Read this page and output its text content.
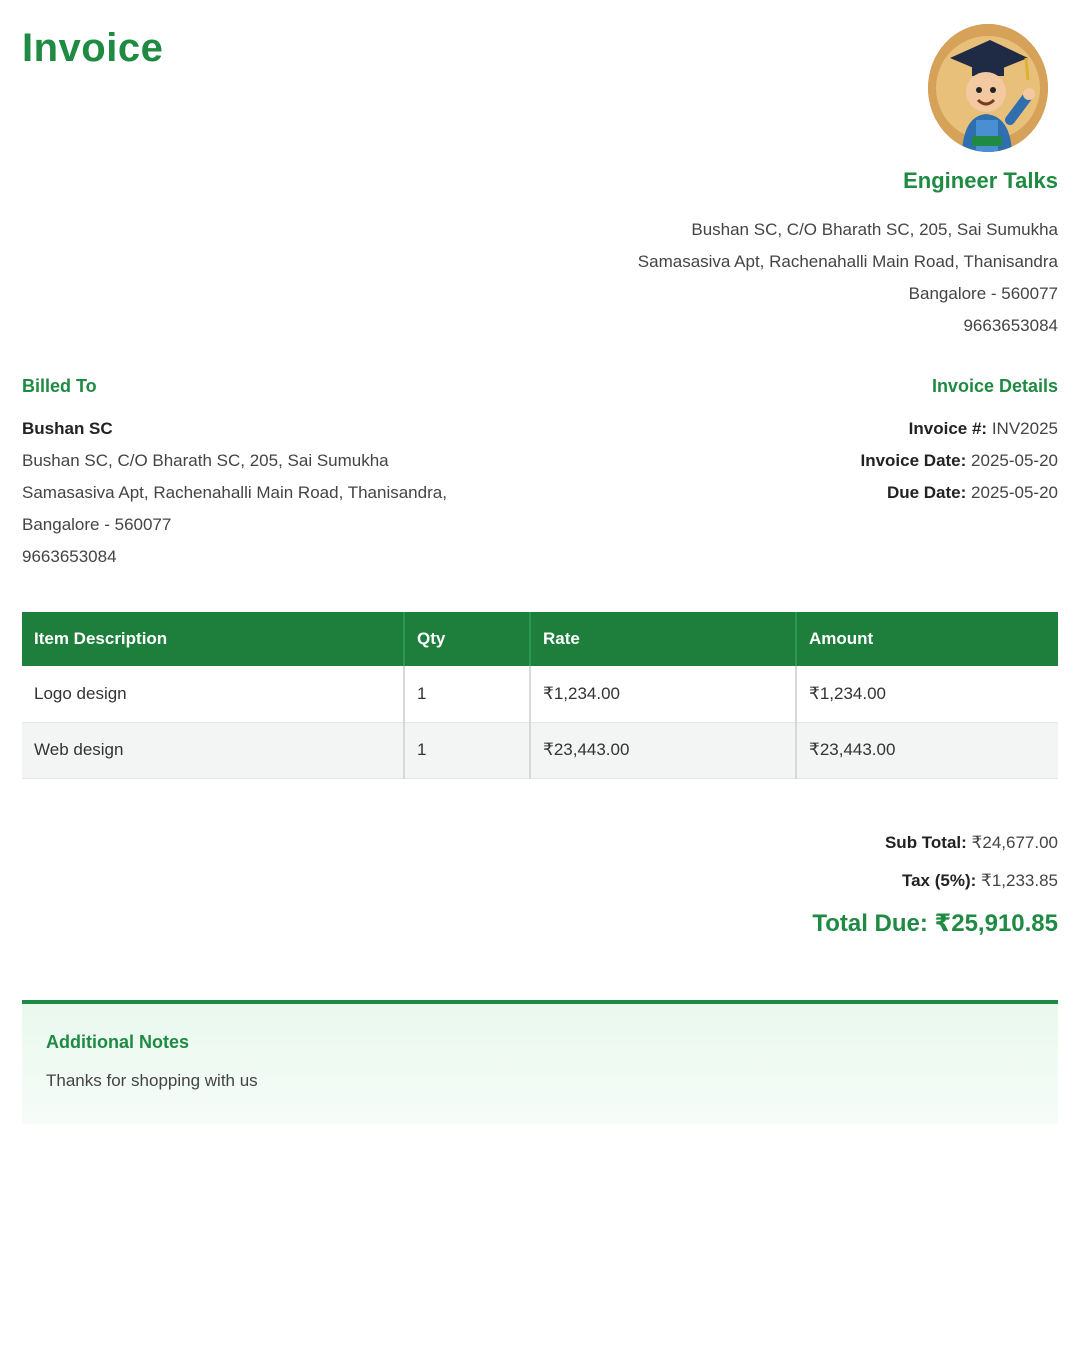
Invoice
Engineer Talks
Bushan SC, C/O Bharath SC, 205, Sai Sumukha
Samasasiva Apt, Rachenahalli Main Road, Thanisandra
Bangalore - 560077
9663653084
Billed To
Bushan SC
Bushan SC, C/O Bharath SC, 205, Sai Sumukha
Samasasiva Apt, Rachenahalli Main Road, Thanisandra,
Bangalore - 560077
9663653084
Invoice Details
Invoice #: INV2025
Invoice Date: 2025-05-20
Due Date: 2025-05-20
Item Description	Qty	Rate	Amount
Logo design	1	₹1,234.00	₹1,234.00
Web design	1	₹23,443.00	₹23,443.00
Sub Total: ₹24,677.00
Tax (5%): ₹1,233.85
Total Due: ₹25,910.85
Additional Notes
Thanks for shopping with us
